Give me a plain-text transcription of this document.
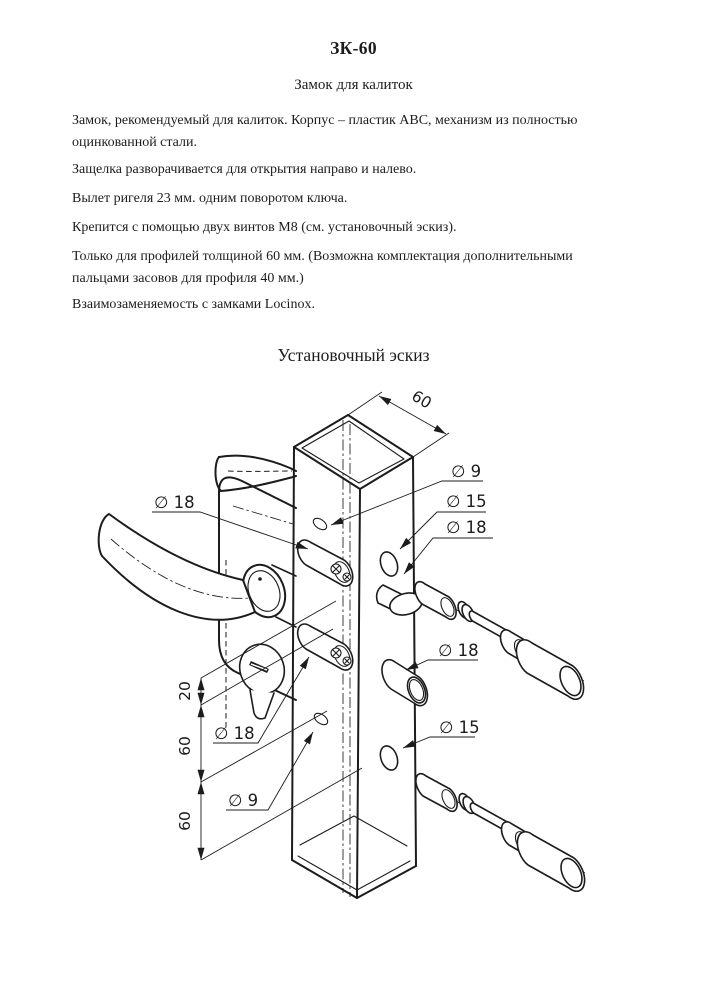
ЗК-60
Замок для калиток
Замок, рекомендуемый для калиток. Корпус – пластик АВС, механизм из полностью
оцинкованной стали.
Защелка разворачивается для открытия направо и налево.
Вылет ригеля 23 мм. одним поворотом ключа.
Крепится с помощью двух винтов М8 (см. установочный эскиз).
Только для профилей толщиной 60 мм. (Возможна комплектация дополнительными
пальцами засовов для профиля 40 мм.)
Взаимозаменяемость с замками Locinox.
Установочный эскиз
60
20
60
60
∅ 9
∅ 15
∅ 18
∅ 18
∅ 18
∅ 15
∅ 18
∅ 9
